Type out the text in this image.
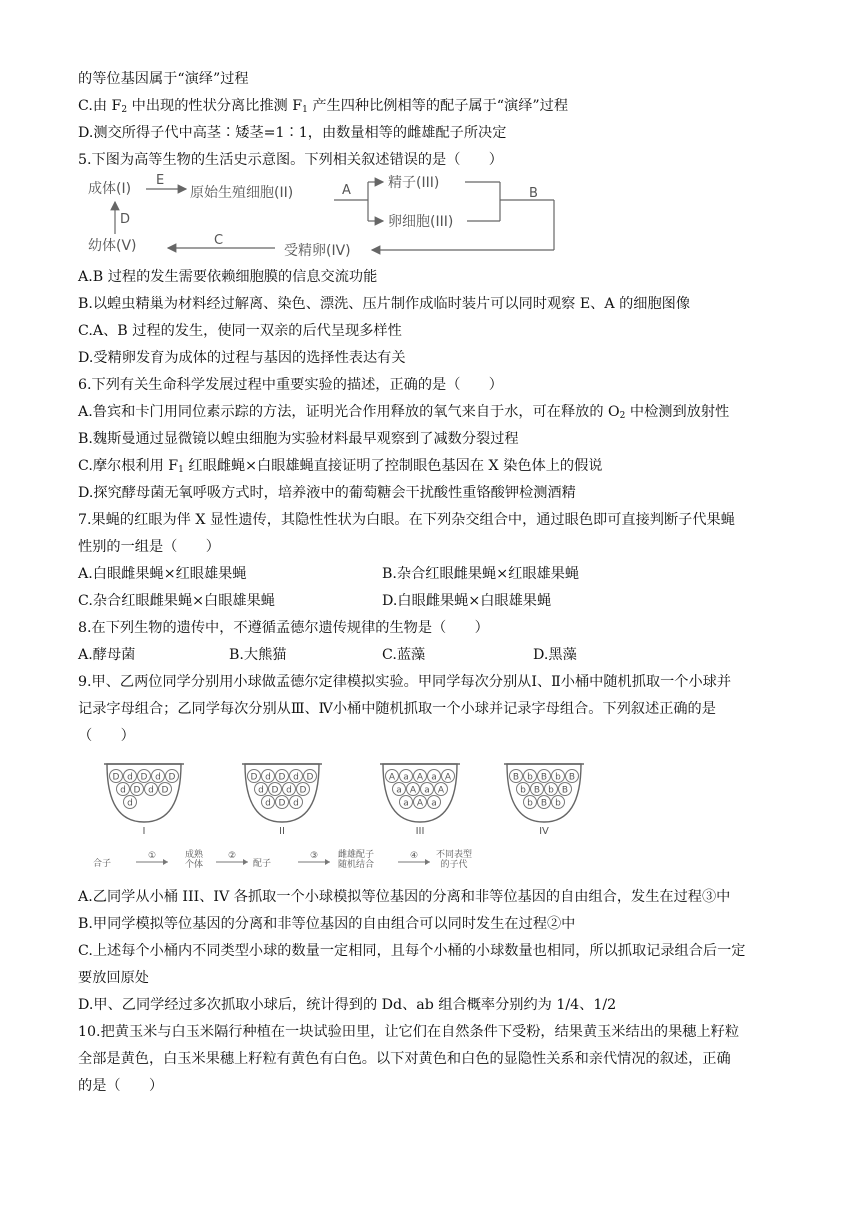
的等位基因属于“演绎”过程
C.由 $F_2$ 中出现的性状分离比推测 $F_1$ 产生四种比例相等的配子属于“演绎”过程
D.测交所得子代中高茎∶矮茎=1∶1，由数量相等的雌雄配子所决定
5.下图为高等生物的生活史示意图。下列相关叙述错误的是（　　）
成体(I)
E
原始生殖细胞(II)	A	精子(III)
卵细胞(III)
B
受精卵(IV)
C
幼体(V)
D
A.B 过程的发生需要依赖细胞膜的信息交流功能
B.以蝗虫精巢为材料经过解离、染色、漂洗、压片制作成临时装片可以同时观察 E、A 的细胞图像
C.A、B 过程的发生，使同一双亲的后代呈现多样性
D.受精卵发育为成体的过程与基因的选择性表达有关
6.下列有关生命科学发展过程中重要实验的描述，正确的是（　　）
A.鲁宾和卡门用同位素示踪的方法，证明光合作用释放的氧气来自于水，可在释放的 $O_2$ 中检测到放射性
B.魏斯曼通过显微镜以蝗虫细胞为实验材料最早观察到了减数分裂过程
C.摩尔根利用 $F_1$ 红眼雌蝇×白眼雄蝇直接证明了控制眼色基因在 X 染色体上的假说
D.探究酵母菌无氧呼吸方式时，培养液中的葡萄糖会干扰酸性重铬酸钾检测酒精
7.果蝇的红眼为伴 X 显性遗传，其隐性性状为白眼。在下列杂交组合中，通过眼色即可直接判断子代果蝇
性别的一组是（　　）
A.白眼雌果蝇×红眼雄果蝇	B.杂合红眼雌果蝇×红眼雄果蝇
C.杂合红眼雌果蝇×白眼雄果蝇	D.白眼雌果蝇×白眼雄果蝇
8.在下列生物的遗传中，不遵循孟德尔遗传规律的生物是（　　）
A.酵母菌	B.大熊猫	C.蓝藻	D.黑藻
9.甲、乙两位同学分别用小球做孟德尔定律模拟实验。甲同学每次分别从Ⅰ、Ⅱ小桶中随机抓取一个小球并
记录字母组合；乙同学每次分别从Ⅲ、Ⅳ小桶中随机抓取一个小球并记录字母组合。下列叙述正确的是
（　　）
D d D d D
d D d D
d
I
D d D d D
d D d D
d D d
II
A a A a A
a A a A
a A a
III
B b B b B
b B b B
b B b
IV
合子
①	成熟个体
②
配子
③ 雌雄配子随机结合
④ 不同表型的子代
A.乙同学从小桶 III、IV 各抓取一个小球模拟等位基因的分离和非等位基因的自由组合，发生在过程③中
B.甲同学模拟等位基因的分离和非等位基因的自由组合可以同时发生在过程②中
C.上述每个小桶内不同类型小球的数量一定相同，且每个小桶的小球数量也相同，所以抓取记录组合后一定
要放回原处
D.甲、乙同学经过多次抓取小球后，统计得到的 Dd、ab 组合概率分别约为 1/4、1/2
10.把黄玉米与白玉米隔行种植在一块试验田里，让它们在自然条件下受粉，结果黄玉米结出的果穗上籽粒
全部是黄色，白玉米果穗上籽粒有黄色有白色。以下对黄色和白色的显隐性关系和亲代情况的叙述，正确
的是（　　）
